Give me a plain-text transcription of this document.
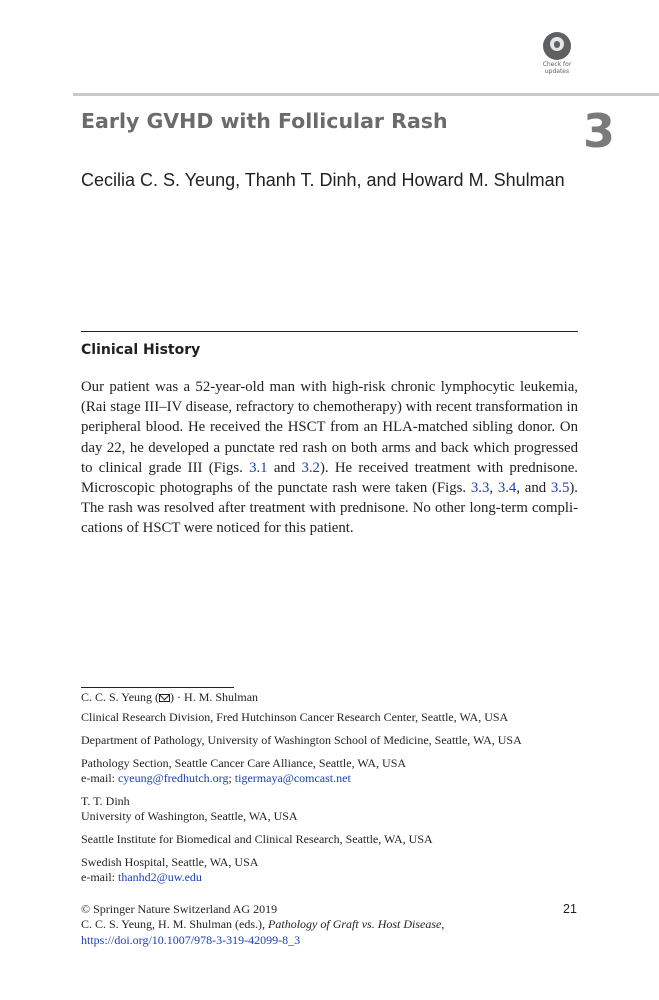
Check for
updates
Early GVHD with Follicular Rash	3
Cecilia C. S. Yeung, Thanh T. Dinh, and Howard M. Shulman
Clinical History
Our patient was a 52-year-old man with high-risk chronic lymphocytic leukemia,
(Rai stage III–IV disease, refractory to chemotherapy) with recent transformation in
peripheral blood. He received the HSCT from an HLA-matched sibling donor. On
day 22, he developed a punctate red rash on both arms and back which progressed
to clinical grade III (Figs. 3.1 and 3.2). He received treatment with prednisone.
Microscopic photographs of the punctate rash were taken (Figs. 3.3, 3.4, and 3.5).
The rash was resolved after treatment with prednisone. No other long-term compli-
cations of HSCT were noticed for this patient.
C. C. S. Yeung ( ) · H. M. Shulman
Clinical Research Division, Fred Hutchinson Cancer Research Center, Seattle, WA, USA
Department of Pathology, University of Washington School of Medicine, Seattle, WA, USA
Pathology Section, Seattle Cancer Care Alliance, Seattle, WA, USA
e-mail: cyeung@fredhutch.org; tigermaya@comcast.net
T. T. Dinh
University of Washington, Seattle, WA, USA
Seattle Institute for Biomedical and Clinical Research, Seattle, WA, USA
Swedish Hospital, Seattle, WA, USA
e-mail: thanhd2@uw.edu
© Springer Nature Switzerland AG 2019
C. C. S. Yeung, H. M. Shulman (eds.), Pathology of Graft vs. Host Disease,
https://doi.org/10.1007/978-3-319-42099-8_3
21
